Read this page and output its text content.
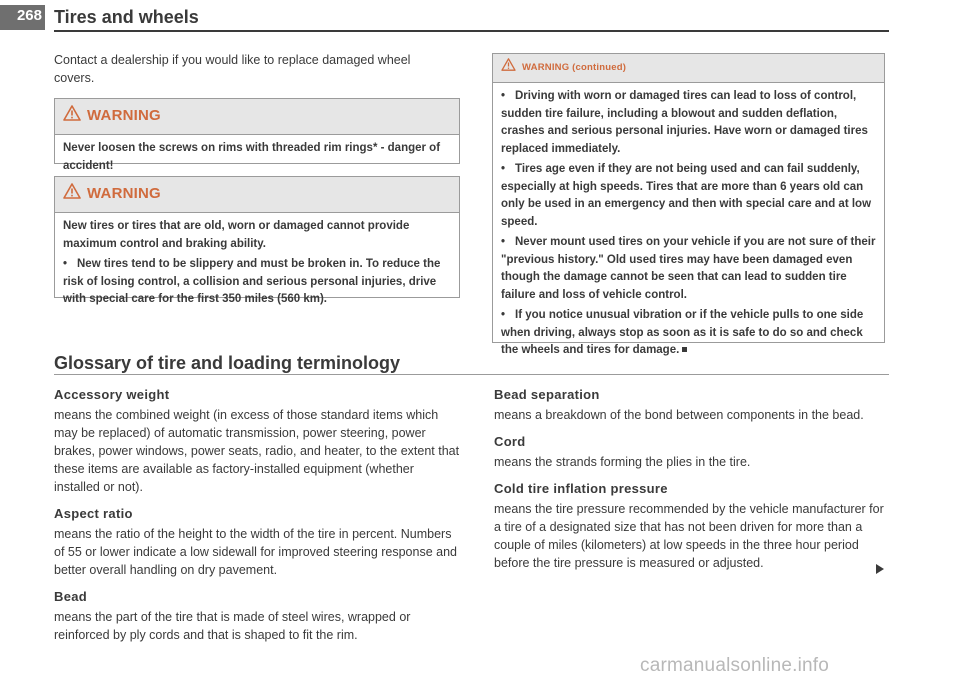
268 Tires and wheels

Contact a dealership if you would like to replace damaged wheel covers.

WARNING

Never loosen the screws on rims with threaded rim rings* - danger of accident!

WARNING

New tires or tires that are old, worn or damaged cannot provide maximum control and braking ability.

• New tires tend to be slippery and must be broken in. To reduce the risk of losing control, a collision and serious personal injuries, drive with special care for the first 350 miles (560 km).

WARNING (continued)

• Driving with worn or damaged tires can lead to loss of control, sudden tire failure, including a blowout and sudden deflation, crashes and serious personal injuries. Have worn or damaged tires replaced immediately.

• Tires age even if they are not being used and can fail suddenly, especially at high speeds. Tires that are more than 6 years old can only be used in an emergency and then with special care and at low speed.

• Never mount used tires on your vehicle if you are not sure of their "previous history." Old used tires may have been damaged even though the damage cannot be seen that can lead to sudden tire failure and loss of vehicle control.

• If you notice unusual vibration or if the vehicle pulls to one side when driving, always stop as soon as it is safe to do so and check the wheels and tires for damage.

Glossary of tire and loading terminology
Accessory weight

means the combined weight (in excess of those standard items which may be replaced) of automatic transmission, power steering, power brakes, power windows, power seats, radio, and heater, to the extent that these items are available as factory-installed equipment (whether installed or not).

Aspect ratio

means the ratio of the height to the width of the tire in percent. Numbers of 55 or lower indicate a low sidewall for improved steering response and better overall handling on dry pavement.

Bead

means the part of the tire that is made of steel wires, wrapped or reinforced by ply cords and that is shaped to fit the rim.

Bead separation

means a breakdown of the bond between components in the bead.

Cord

means the strands forming the plies in the tire.

Cold tire inflation pressure

means the tire pressure recommended by the vehicle manufacturer for a tire of a designated size that has not been driven for more than a couple of miles (kilometers) at low speeds in the three hour period before the tire pressure is measured or adjusted.

carmanualsonline.info
